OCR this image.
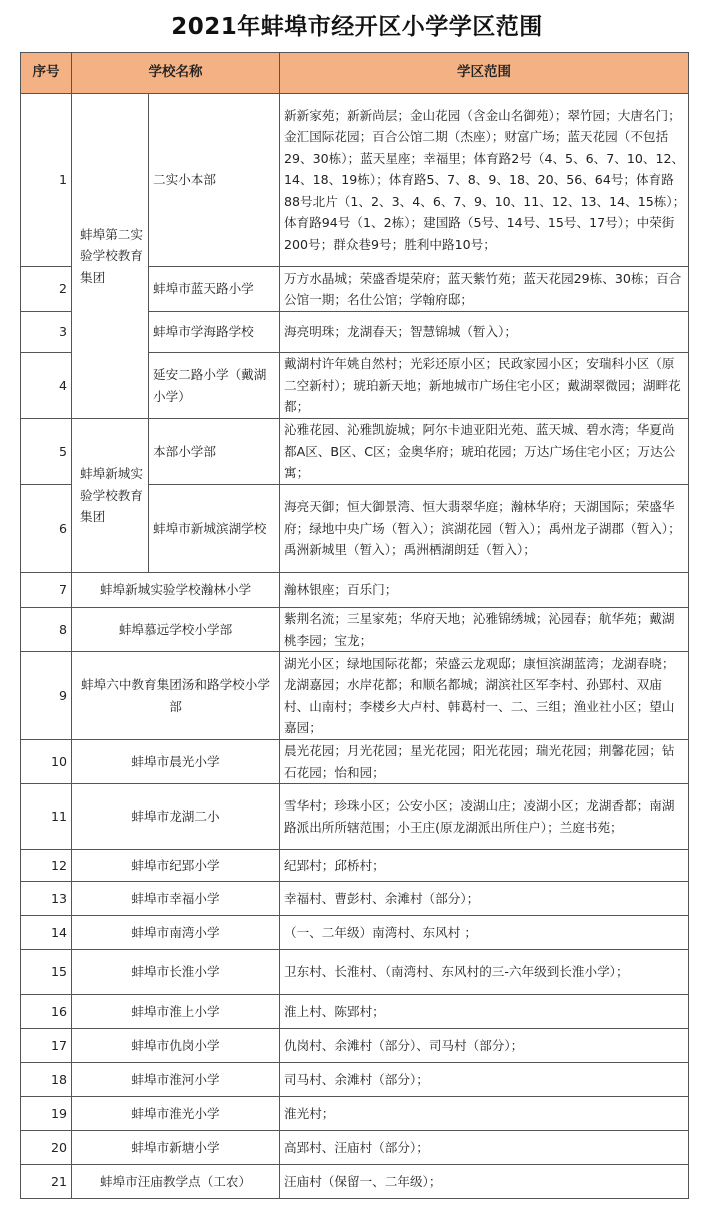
2021年蚌埠市经开区小学学区范围
序号	学校名称		学区范围
1	蚌埠第二实验学校教育集团	二实小本部	新新家苑；新新尚层；金山花园（含金山名御苑）；翠竹园；大唐名门；金汇国际花园；百合公馆二期（杰座）；财富广场；蓝天花园（不包括29、30栋）；蓝天星座；幸福里；体育路2号（4、5、6、7、10、12、14、18、19栋）；体育路5、7、8、9、18、20、56、64号；体育路88号北片（1、2、3、4、6、7、9、10、11、12、13、14、15栋）；体育路94号（1、2栋）；建国路（5号、14号、15号、17号）；中荣街200号；群众巷9号；胜利中路10号；
2		蚌埠市蓝天路小学	万方水晶城；荣盛香堤荣府；蓝天紫竹苑；蓝天花园29栋、30栋；百合公馆一期；名仕公馆；学翰府邸；
3		蚌埠市学海路学校	海亮明珠；龙湖春天；智慧锦城（暂入）；
4		延安二路小学（戴湖小学）	戴湖村许年姚自然村；光彩还原小区；民政家园小区；安瑞科小区（原二空新村）；琥珀新天地；新地城市广场住宅小区；戴湖翠微园；湖畔花都；
5	蚌埠新城实验学校教育集团	本部小学部	沁雅花园、沁雅凯旋城；阿尔卡迪亚阳光苑、蓝天城、碧水湾；华夏尚都A区、B区、C区；金奥华府；琥珀花园；万达广场住宅小区；万达公寓；
6		蚌埠市新城滨湖学校	海亮天御；恒大御景湾、恒大翡翠华庭；瀚林华府；天湖国际；荣盛华府；绿地中央广场（暂入）；滨湖花园（暂入）；禹州龙子湖郡（暂入）；禹洲新城里（暂入）；禹洲栖湖朗廷（暂入）；
7	蚌埠新城实验学校瀚林小学		瀚林银座；百乐门；
8	蚌埠慕远学校小学部		紫荆名流；三星家苑；华府天地；沁雅锦绣城；沁园春；航华苑；戴湖桃李园；宝龙；
9	蚌埠六中教育集团汤和路学校小学部		湖光小区；绿地国际花都；荣盛云龙观邸；康恒滨湖蓝湾；龙湖春晓；龙湖嘉园；水岸花都；和顺名都城；湖滨社区军李村、孙郢村、双庙村、山南村；李楼乡大卢村、韩葛村一、二、三组；渔业社小区；望山嘉园；
10	蚌埠市晨光小学		晨光花园；月光花园；星光花园；阳光花园；瑞光花园；荆馨花园；钻石花园；怡和园；
11	蚌埠市龙湖二小		雪华村；珍珠小区；公安小区；凌湖山庄；凌湖小区；龙湖香都；南湖路派出所所辖范围；小王庄(原龙湖派出所住户）；兰庭书苑；
12	蚌埠市纪郢小学		纪郢村；邱桥村；
13	蚌埠市幸福小学		幸福村、曹彭村、余滩村（部分）；
14	蚌埠市南湾小学		（一、二年级）南湾村、东风村 ；
15	蚌埠市长淮小学		卫东村、长淮村、（南湾村、东风村的三-六年级到长淮小学）；
16	蚌埠市淮上小学		淮上村、陈郢村；
17	蚌埠市仇岗小学		仇岗村、余滩村（部分）、司马村（部分）；
18	蚌埠市淮河小学		司马村、余滩村（部分）；
19	蚌埠市淮光小学		淮光村；
20	蚌埠市新塘小学		高郢村、汪庙村（部分）；
21	蚌埠市汪庙教学点（工农）		汪庙村（保留一、二年级）；
